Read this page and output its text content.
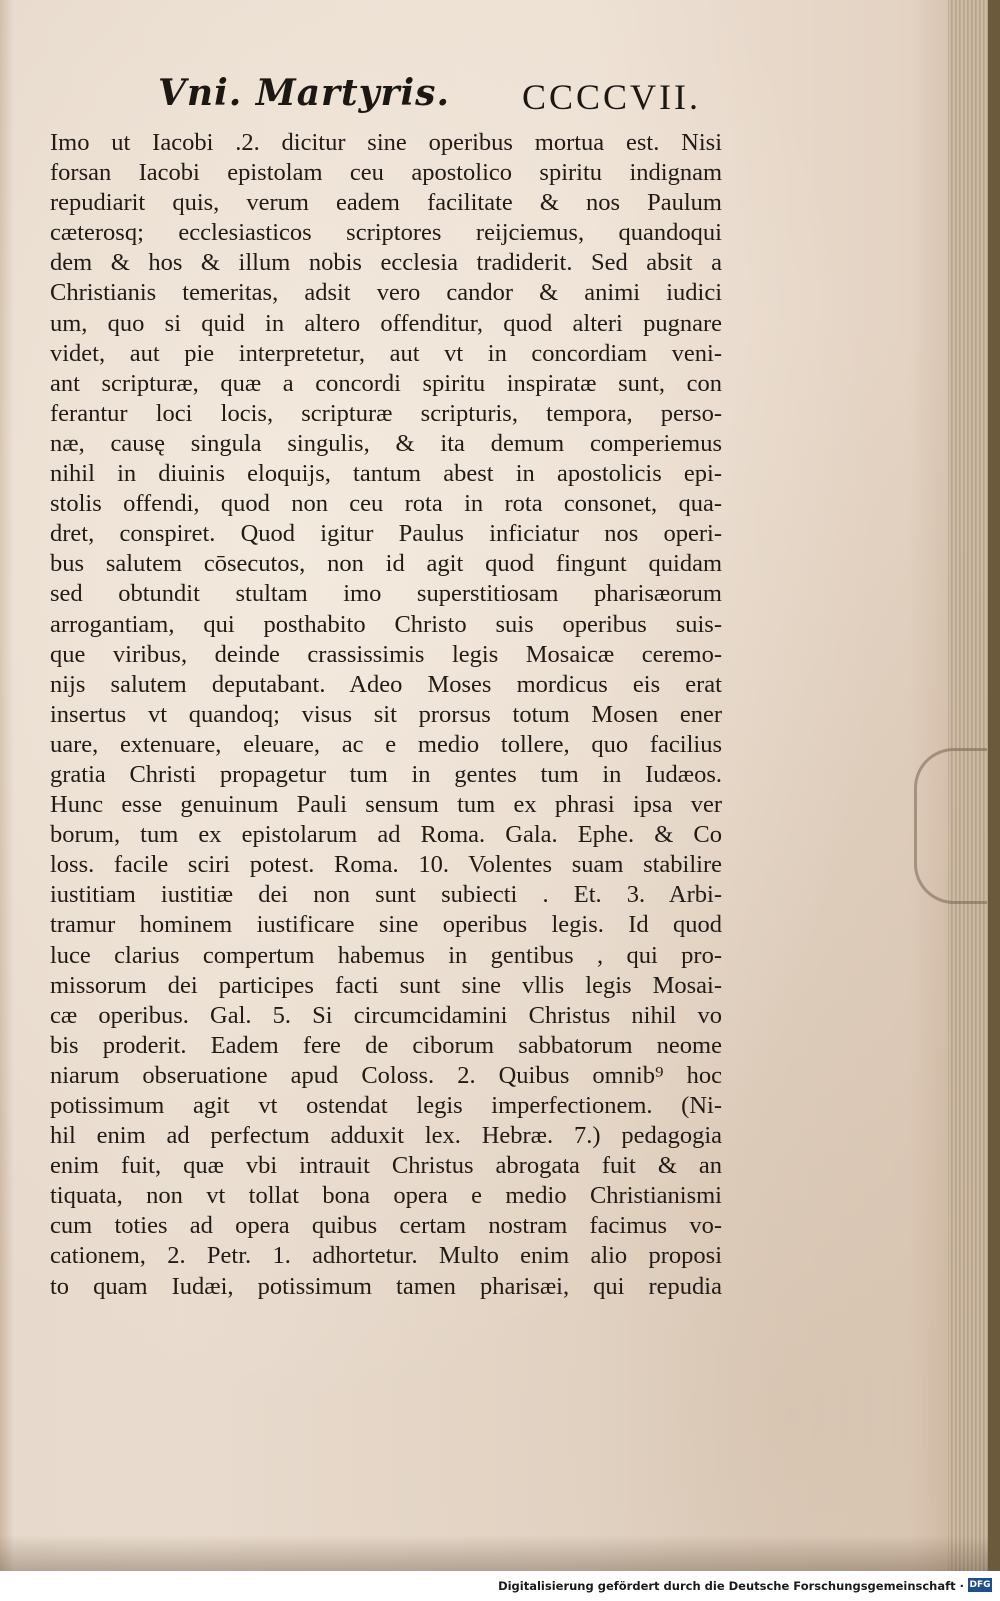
Vni. Martyris. CCCCVII.
Imo ut Iacobi .2. dicitur sine operibus mortua est. Nisi
forsan Iacobi epistolam ceu apostolico spiritu indignam
repudiarit quis, verum eadem facilitate & nos Paulum
cæterosq; ecclesiasticos scriptores reijciemus, quandoqui
dem & hos & illum nobis ecclesia tradiderit. Sed absit a
Christianis temeritas, adsit vero candor & animi iudici
um, quo si quid in altero offenditur, quod alteri pugnare
videt, aut pie interpretetur, aut vt in concordiam veni-
ant scripturæ, quæ a concordi spiritu inspiratæ sunt, con
ferantur loci locis, scripturæ scripturis, tempora, perso-
næ, causę singula singulis, & ita demum comperiemus
nihil in diuinis eloquijs, tantum abest in apostolicis epi-
stolis offendi, quod non ceu rota in rota consonet, qua-
dret, conspiret. Quod igitur Paulus inficiatur nos operi-
bus salutem cōsecutos, non id agit quod fingunt quidam
sed obtundit stultam imo superstitiosam pharisæorum
arrogantiam, qui posthabito Christo suis operibus suis-
que viribus, deinde crassissimis legis Mosaicæ ceremo-
nijs salutem deputabant. Adeo Moses mordicus eis erat
insertus vt quandoq; visus sit prorsus totum Mosen ener
uare, extenuare, eleuare, ac e medio tollere, quo facilius
gratia Christi propagetur tum in gentes tum in Iudæos.
Hunc esse genuinum Pauli sensum tum ex phrasi ipsa ver
borum, tum ex epistolarum ad Roma. Gala. Ephe. & Co
loss. facile sciri potest. Roma. 10. Volentes suam stabilire
iustitiam iustitiæ dei non sunt subiecti . Et. 3. Arbi-
tramur hominem iustificare sine operibus legis. Id quod
luce clarius compertum habemus in gentibus , qui pro-
missorum dei participes facti sunt sine vllis legis Mosai-
cæ operibus. Gal. 5. Si circumcidamini Christus nihil vo
bis proderit. Eadem fere de ciborum sabbatorum neome
niarum obseruatione apud Coloss. 2. Quibus omnib⁹ hoc
potissimum agit vt ostendat legis imperfectionem. (Ni-
hil enim ad perfectum adduxit lex. Hebræ. 7.) pedagogia
enim fuit, quæ vbi intrauit Christus abrogata fuit & an
tiquata, non vt tollat bona opera e medio Christianismi
cum toties ad opera quibus certam nostram facimus vo-
cationem, 2. Petr. 1. adhortetur. Multo enim alio proposi
to quam Iudæi, potissimum tamen pharisæi, qui repudia
Digitalisierung gefördert durch die Deutsche Forschungsgemeinschaft · DFG
